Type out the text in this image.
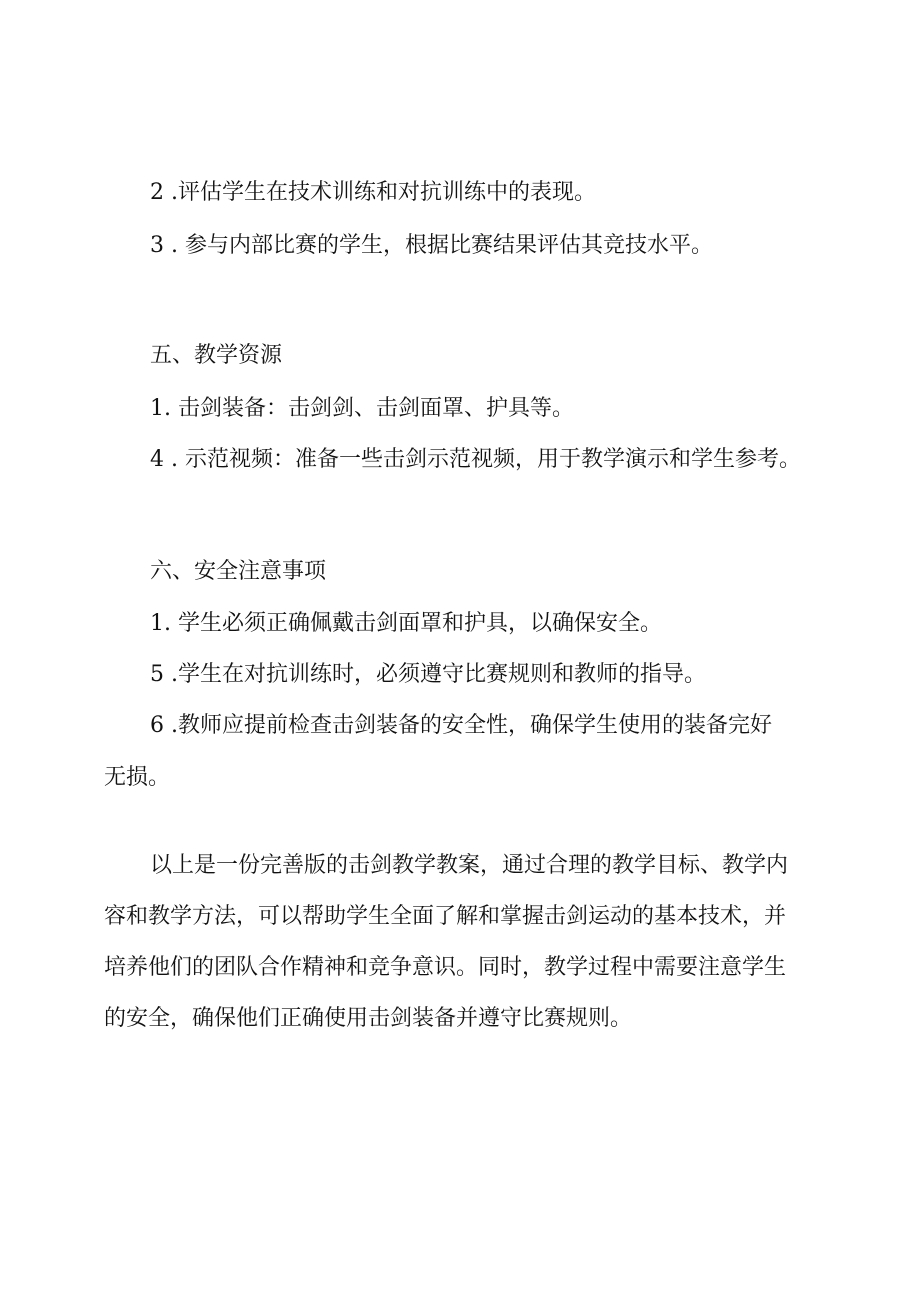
2 .评估学生在技术训练和对抗训练中的表现。
3 . 参与内部比赛的学生，根据比赛结果评估其竞技水平。
五、教学资源
1. 击剑装备：击剑剑、击剑面罩、护具等。
4 . 示范视频：准备一些击剑示范视频，用于教学演示和学生参考。
六、安全注意事项
1. 学生必须正确佩戴击剑面罩和护具，以确保安全。
5 .学生在对抗训练时，必须遵守比赛规则和教师的指导。
6 .教师应提前检查击剑装备的安全性，确保学生使用的装备完好
无损。
以上是一份完善版的击剑教学教案，通过合理的教学目标、教学内
容和教学方法，可以帮助学生全面了解和掌握击剑运动的基本技术，并
培养他们的团队合作精神和竞争意识。同时，教学过程中需要注意学生
的安全，确保他们正确使用击剑装备并遵守比赛规则。
